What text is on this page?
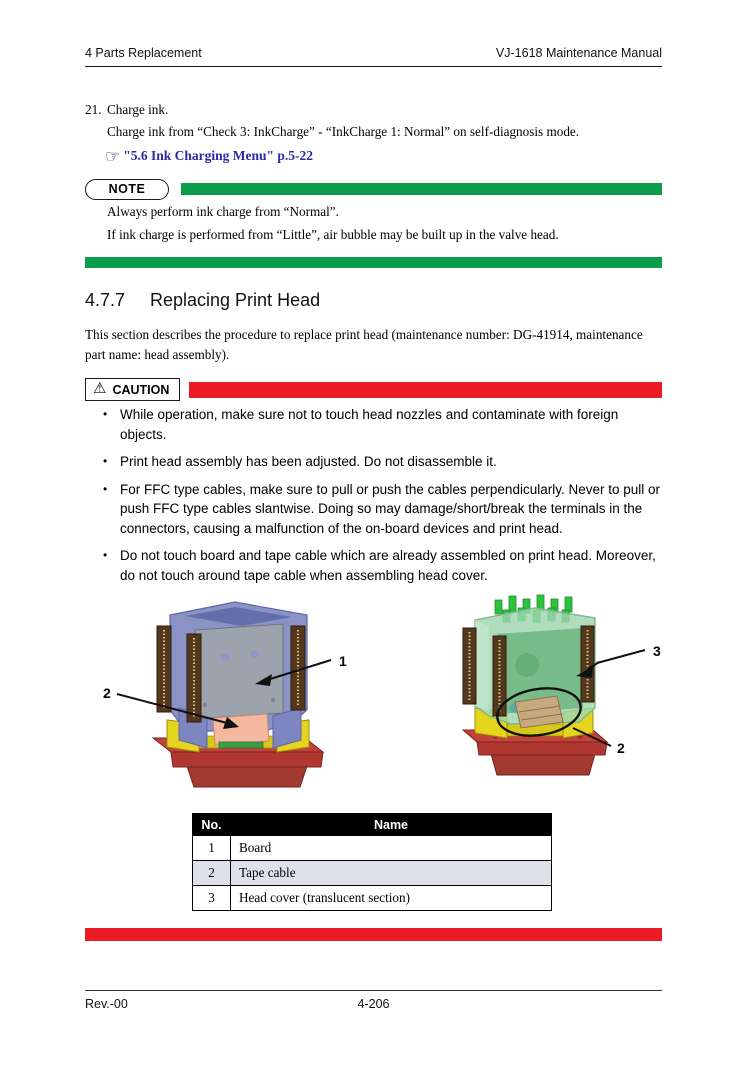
4 Parts Replacement	VJ-1618 Maintenance Manual
21. Charge ink.
Charge ink from “Check 3: InkCharge” - “InkCharge 1: Normal” on self-diagnosis mode.
☞ "5.6 Ink Charging Menu" p.5-22
NOTE

Always perform ink charge from “Normal”.

If ink charge is performed from “Little”, air bubble may be built up in the valve head.

4.7.7	Replacing Print Head
This section describes the procedure to replace print head (maintenance number: DG-41914, maintenance part name: head assembly).
⚠ CAUTION
• While operation, make sure not to touch head nozzles and contaminate with foreign objects.
• Print head assembly has been adjusted. Do not disassemble it.
• For FFC type cables, make sure to pull or push the cables perpendicularly. Never to pull or push FFC type cables slantwise. Doing so may damage/short/break the terminals in the connectors, causing a malfunction of the on-board devices and print head.
• Do not touch board and tape cable which are already assembled on print head. Moreover, do not touch around tape cable when assembling head cover.
1
2
3
2
No.	Name
1	Board
2	Tape cable
3	Head cover (translucent section)
Rev.-00	4-206
